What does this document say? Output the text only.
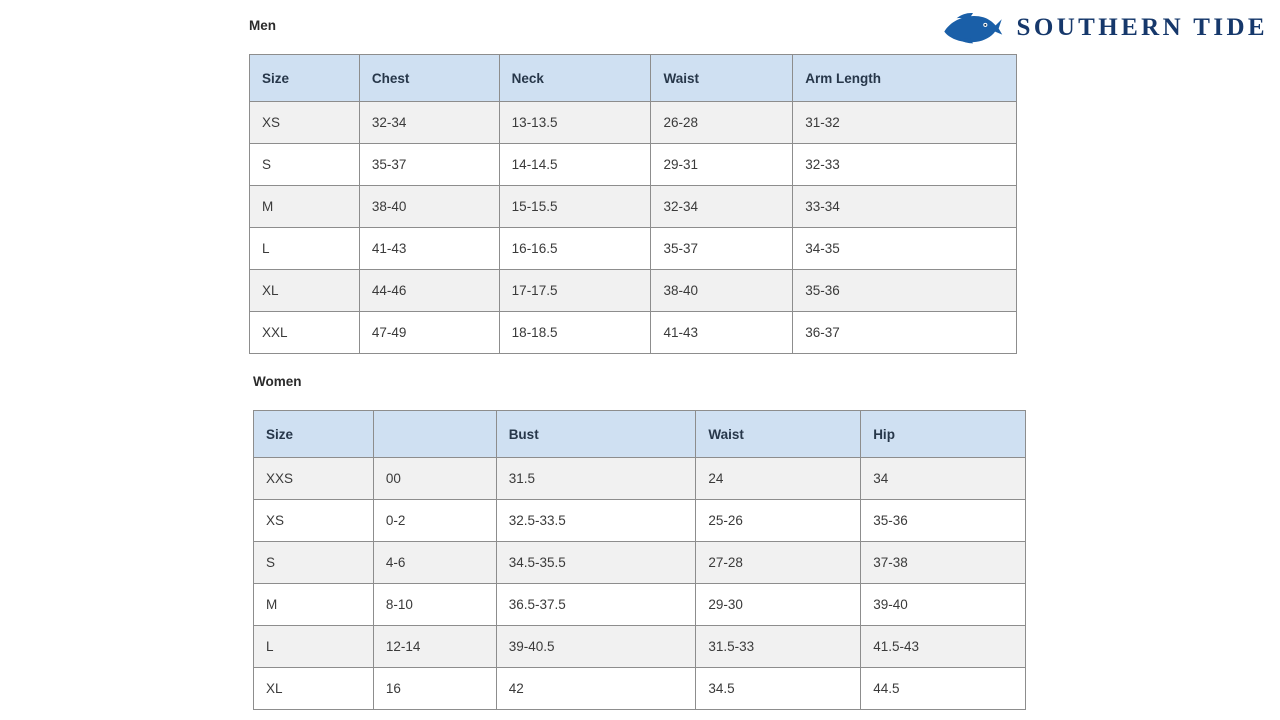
SOUTHERN TIDE
Men
Size	Chest	Neck	Waist	Arm Length
XS	32-34	13-13.5	26-28	31-32
S	35-37	14-14.5	29-31	32-33
M	38-40	15-15.5	32-34	33-34
L	41-43	16-16.5	35-37	34-35
XL	44-46	17-17.5	38-40	35-36
XXL	47-49	18-18.5	41-43	36-37
Women
Size		Bust	Waist	Hip
XXS	00	31.5	24	34
XS	0-2	32.5-33.5	25-26	35-36
S	4-6	34.5-35.5	27-28	37-38
M	8-10	36.5-37.5	29-30	39-40
L	12-14	39-40.5	31.5-33	41.5-43
XL	16	42	34.5	44.5
